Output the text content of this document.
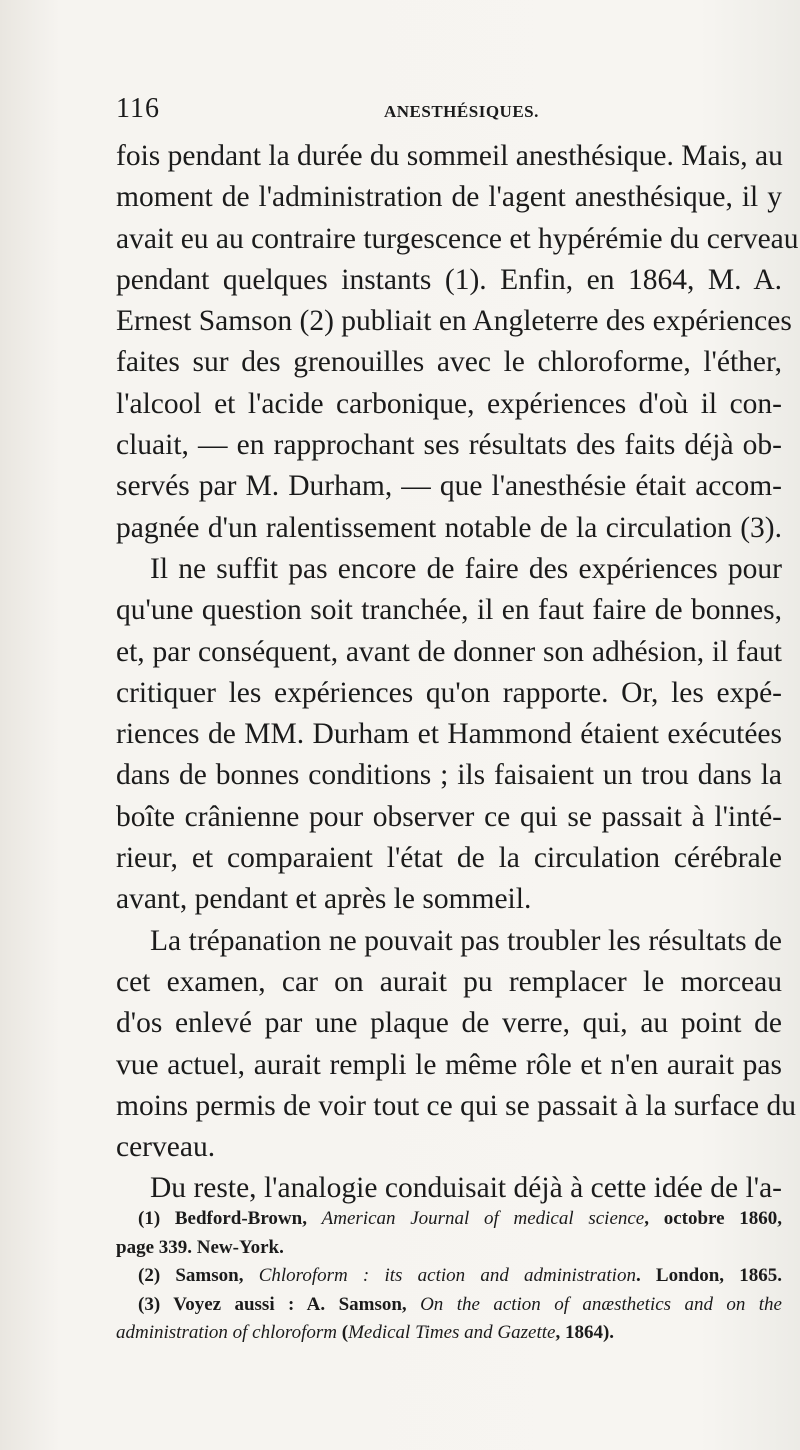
116	ANESTHÉSIQUES.
fois pendant la durée du sommeil anesthésique. Mais, au
moment de l'administration de l'agent anesthésique, il y
avait eu au contraire turgescence et hypérémie du cerveau
pendant quelques instants (1). Enfin, en 1864, M. A.
Ernest Samson (2) publiait en Angleterre des expériences
faites sur des grenouilles avec le chloroforme, l'éther,
l'alcool et l'acide carbonique, expériences d'où il con-
cluait, — en rapprochant ses résultats des faits déjà ob-
servés par M. Durham, — que l'anesthésie était accom-
pagnée d'un ralentissement notable de la circulation (3).
Il ne suffit pas encore de faire des expériences pour
qu'une question soit tranchée, il en faut faire de bonnes,
et, par conséquent, avant de donner son adhésion, il faut
critiquer les expériences qu'on rapporte. Or, les expé-
riences de MM. Durham et Hammond étaient exécutées
dans de bonnes conditions ; ils faisaient un trou dans la
boîte crânienne pour observer ce qui se passait à l'inté-
rieur, et comparaient l'état de la circulation cérébrale
avant, pendant et après le sommeil.
La trépanation ne pouvait pas troubler les résultats de
cet examen, car on aurait pu remplacer le morceau
d'os enlevé par une plaque de verre, qui, au point de
vue actuel, aurait rempli le même rôle et n'en aurait pas
moins permis de voir tout ce qui se passait à la surface du
cerveau.
Du reste, l'analogie conduisait déjà à cette idée de l'a-
(1) Bedford-Brown, American Journal of medical science, octobre 1860,
page 339. New-York.
(2) Samson, Chloroform : its action and administration. London, 1865.
(3) Voyez aussi : A. Samson, On the action of anæsthetics and on the
administration of chloroform (Medical Times and Gazette, 1864).
